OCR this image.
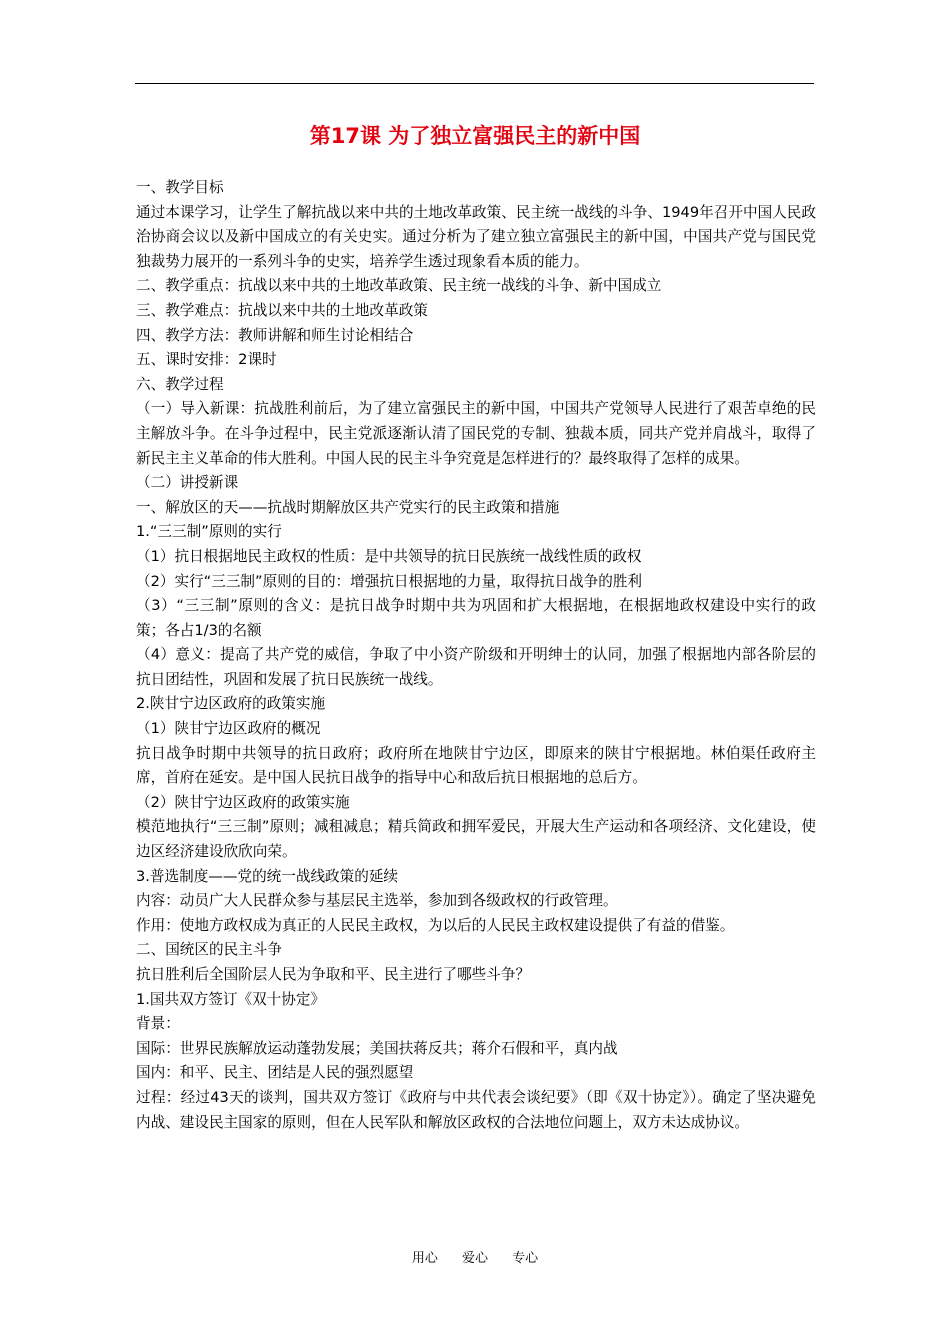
第17课 为了独立富强民主的新中国

一、教学目标

通过本课学习，让学生了解抗战以来中共的土地改革政策、民主统一战线的斗争、1949年召开中国人民政治协商会议以及新中国成立的有关史实。通过分析为了建立独立富强民主的新中国，中国共产党与国民党独裁势力展开的一系列斗争的史实，培养学生透过现象看本质的能力。

二、教学重点：抗战以来中共的土地改革政策、民主统一战线的斗争、新中国成立

三、教学难点：抗战以来中共的土地改革政策

四、教学方法：教师讲解和师生讨论相结合

五、课时安排：2课时

六、教学过程

（一）导入新课：抗战胜利前后，为了建立富强民主的新中国，中国共产党领导人民进行了艰苦卓绝的民主解放斗争。在斗争过程中，民主党派逐渐认清了国民党的专制、独裁本质，同共产党并肩战斗，取得了新民主主义革命的伟大胜利。中国人民的民主斗争究竟是怎样进行的？最终取得了怎样的成果。

（二）讲授新课

一、解放区的天——抗战时期解放区共产党实行的民主政策和措施

1.“三三制”原则的实行

（1）抗日根据地民主政权的性质：是中共领导的抗日民族统一战线性质的政权

（2）实行“三三制”原则的目的：增强抗日根据地的力量，取得抗日战争的胜利

（3）“三三制”原则的含义：是抗日战争时期中共为巩固和扩大根据地，在根据地政权建设中实行的政策；各占1/3的名额

（4）意义：提高了共产党的威信，争取了中小资产阶级和开明绅士的认同，加强了根据地内部各阶层的抗日团结性，巩固和发展了抗日民族统一战线。

2.陕甘宁边区政府的政策实施

（1）陕甘宁边区政府的概况

抗日战争时期中共领导的抗日政府；政府所在地陕甘宁边区，即原来的陕甘宁根据地。林伯渠任政府主席，首府在延安。是中国人民抗日战争的指导中心和敌后抗日根据地的总后方。

（2）陕甘宁边区政府的政策实施

模范地执行“三三制”原则；减租减息；精兵简政和拥军爱民，开展大生产运动和各项经济、文化建设，使边区经济建设欣欣向荣。

3.普选制度——党的统一战线政策的延续

内容：动员广大人民群众参与基层民主选举，参加到各级政权的行政管理。

作用：使地方政权成为真正的人民民主政权，为以后的人民民主政权建设提供了有益的借鉴。

二、国统区的民主斗争

抗日胜利后全国阶层人民为争取和平、民主进行了哪些斗争？

1.国共双方签订《双十协定》

背景：

国际：世界民族解放运动蓬勃发展；美国扶蒋反共；蒋介石假和平，真内战

国内：和平、民主、团结是人民的强烈愿望

过程：经过43天的谈判，国共双方签订《政府与中共代表会谈纪要》（即《双十协定》）。确定了坚决避免内战、建设民主国家的原则，但在人民军队和解放区政权的合法地位问题上，双方未达成协议。

用心 爱心 专心
